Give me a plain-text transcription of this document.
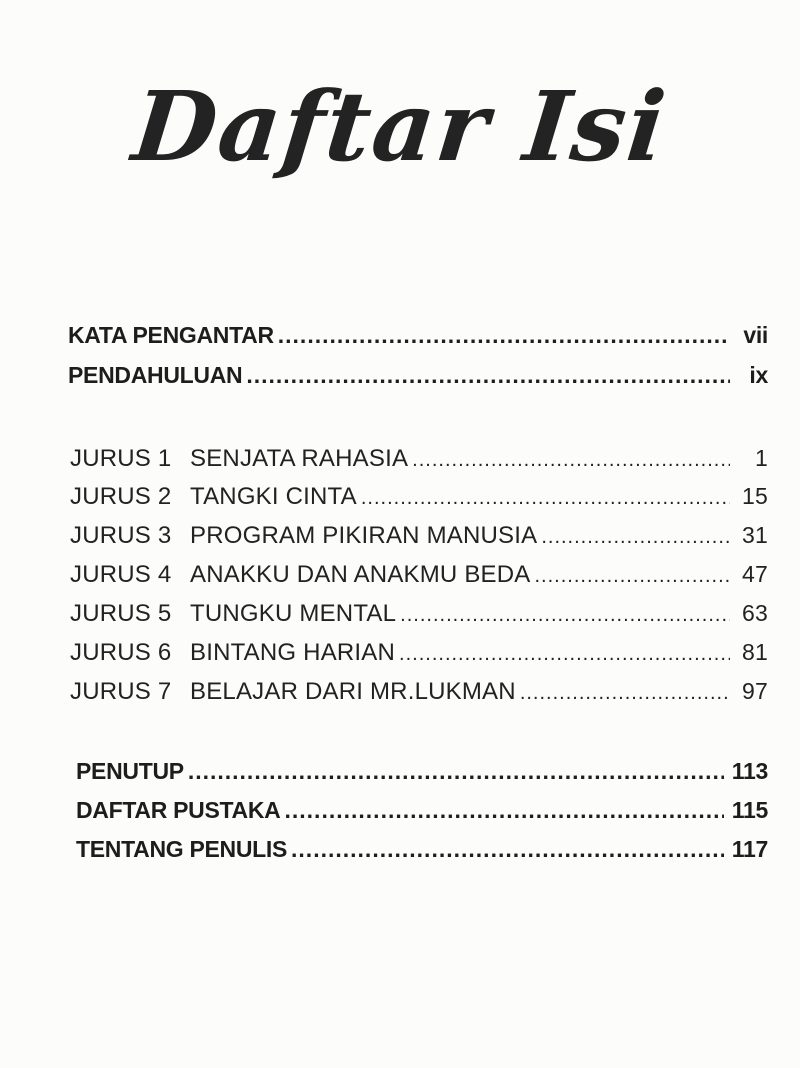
Daftar Isi
KATA PENGANTAR .....	vii
PENDAHULUAN .....	ix
JURUS 1 SENJATA RAHASIA .....	1
JURUS 2 TANGKI CINTA .....	15
JURUS 3 PROGRAM PIKIRAN MANUSIA .....	31
JURUS 4 ANAKKU DAN ANAKMU BEDA .....	47
JURUS 5 TUNGKU MENTAL .....	63
JURUS 6 BINTANG HARIAN .....	81
JURUS 7 BELAJAR DARI MR.LUKMAN .....	97
PENUTUP .....	113
DAFTAR PUSTAKA .....	115
TENTANG PENULIS .....	117
